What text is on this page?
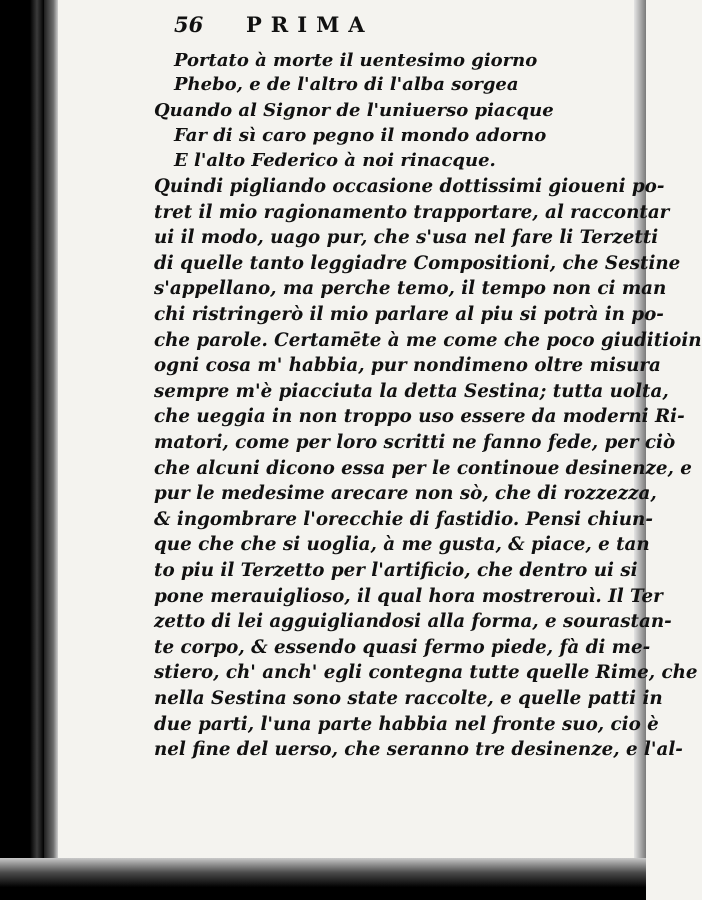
56 PRIMA
Portato à morte il uentesimo giorno
Phebo, e de l'altro di l'alba sorgea
Quando al Signor de l'uniuerso piacque
Far di sì caro pegno il mondo adorno
E l'alto Federico à noi rinacque.
Quindi pigliando occasione dottissimi gioueni po-
tret il mio ragionamento trapportare, al raccontar
ui il modo, uago pur, che s'usa nel fare li Terzetti
di quelle tanto leggiadre Compositioni, che Sestine
s'appellano, ma perche temo, il tempo non ci man
chi ristringerò il mio parlare al piu si potrà in po-
che parole. Certamēte à me come che poco giuditioin
ogni cosa m' habbia, pur nondimeno oltre misura
sempre m'è piacciuta la detta Sestina; tutta uolta,
che ueggia in non troppo uso essere da moderni Ri-
matori, come per loro scritti ne fanno fede, per ciò
che alcuni dicono essa per le continoue desinenze, e
pur le medesime arecare non sò, che di rozzezza,
& ingombrare l'orecchie di fastidio. Pensi chiun-
que che che si uoglia, à me gusta, & piace, e tan
to piu il Terzetto per l'artificio, che dentro ui si
pone merauiglioso, il qual hora mostrerouì. Il Ter
zetto di lei agguigliandosi alla forma, e sourastan-
te corpo, & essendo quasi fermo piede, fà di me-
stiero, ch' anch' egli contegna tutte quelle Rime, che
nella Sestina sono state raccolte, e quelle patti in
due parti, l'una parte habbia nel fronte suo, cio è
nel fine del uerso, che seranno tre desinenze, e l'al-
